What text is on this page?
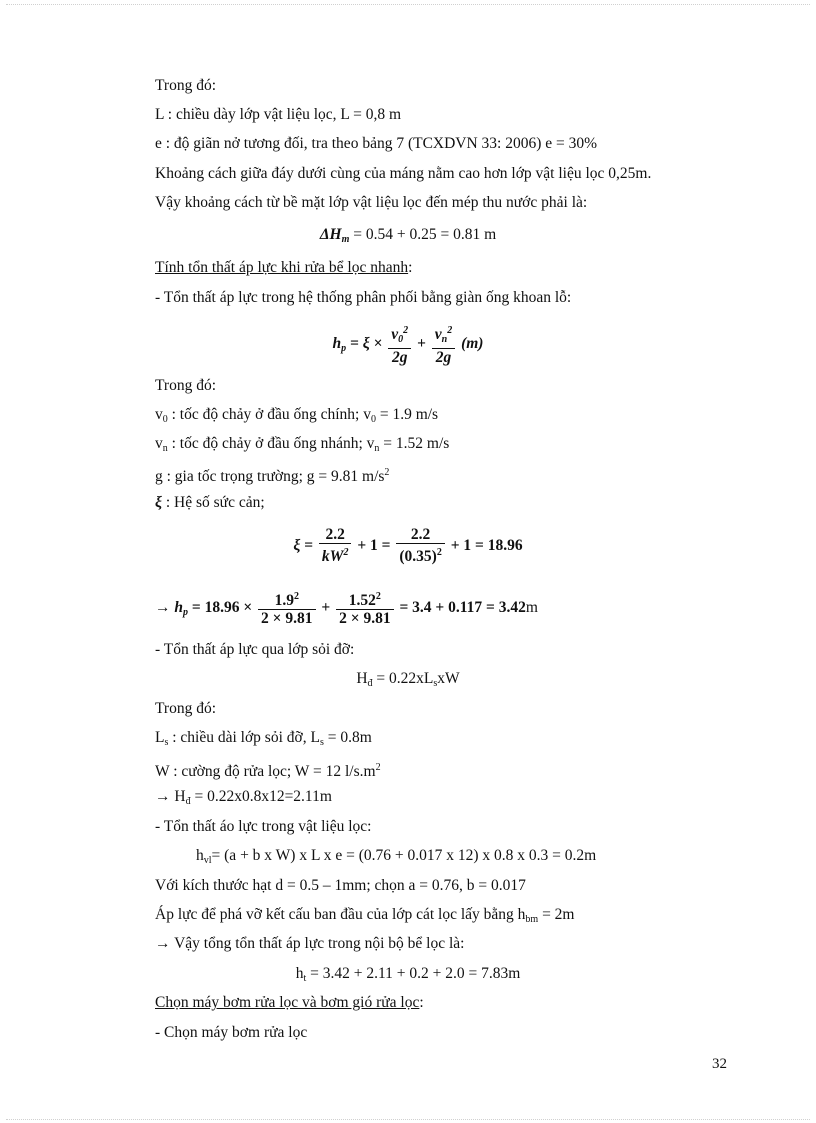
Trong đó:
L : chiều dày lớp vật liệu lọc, L = 0,8 m
e : độ giãn nở tương đối, tra theo bảng 7 (TCXDVN 33: 2006) e = 30%
Khoảng cách giữa đáy dưới cùng của máng nằm cao hơn lớp vật liệu lọc 0,25m.
Vậy khoảng cách từ bề mặt lớp vật liệu lọc đến mép thu nước phải là:
$\Delta H_m = 0.54 + 0.25 = 0.81$ m
Tính tổn thất áp lực khi rửa bể lọc nhanh:
- Tổn thất áp lực trong hệ thống phân phối bằng giàn ống khoan lỗ:
$h_p = \xi \times \frac{v_0^2}{2g} + \frac{v_n^2}{2g} (m)$
Trong đó:
$v_0$ : tốc độ chảy ở đầu ống chính; $v_0 = 1.9$ m/s
$v_n$ : tốc độ chảy ở đầu ống nhánh; $v_n = 1.52$ m/s
g : gia tốc trọng trường; g = 9.81 $m/s^2$
ξ : Hệ số sức cản;
$\xi = \frac{2.2}{kW^2} + 1 = \frac{2.2}{(0.35)^2} + 1 = 18.96$
→ $h_p = 18.96 \times \frac{1.9^2}{2 \times 9.81} + \frac{1.52^2}{2 \times 9.81} = 3.4 + 0.117 = 3.42m$
- Tổn thất áp lực qua lớp sỏi đỡ:
$H_đ = 0.22xL_sxW$
Trong đó:
$L_s$ : chiều dài lớp sỏi đỡ, $L_s = 0.8m$
W : cường độ rửa lọc; W = 12 $l/s.m^2$
→ $H_đ = 0.22x0.8x12=2.11m$
- Tổn thất áo lực trong vật liệu lọc:
$h_{vl}= (a + b$ x W) x L x e = (0.76 + 0.017 x 12) x 0.8 x 0.3 = 0.2m
Với kích thước hạt d = 0.5 – 1mm; chọn a = 0.76, b = 0.017
Áp lực để phá vỡ kết cấu ban đầu của lớp cát lọc lấy bằng $h_{bm} = 2m$
→ Vậy tổng tổn thất áp lực trong nội bộ bể lọc là:
$h_t = 3.42 + 2.11 + 0.2 + 2.0 = 7.83m$
Chọn máy bơm rửa lọc và bơm gió rửa lọc:
- Chọn máy bơm rửa lọc
32
